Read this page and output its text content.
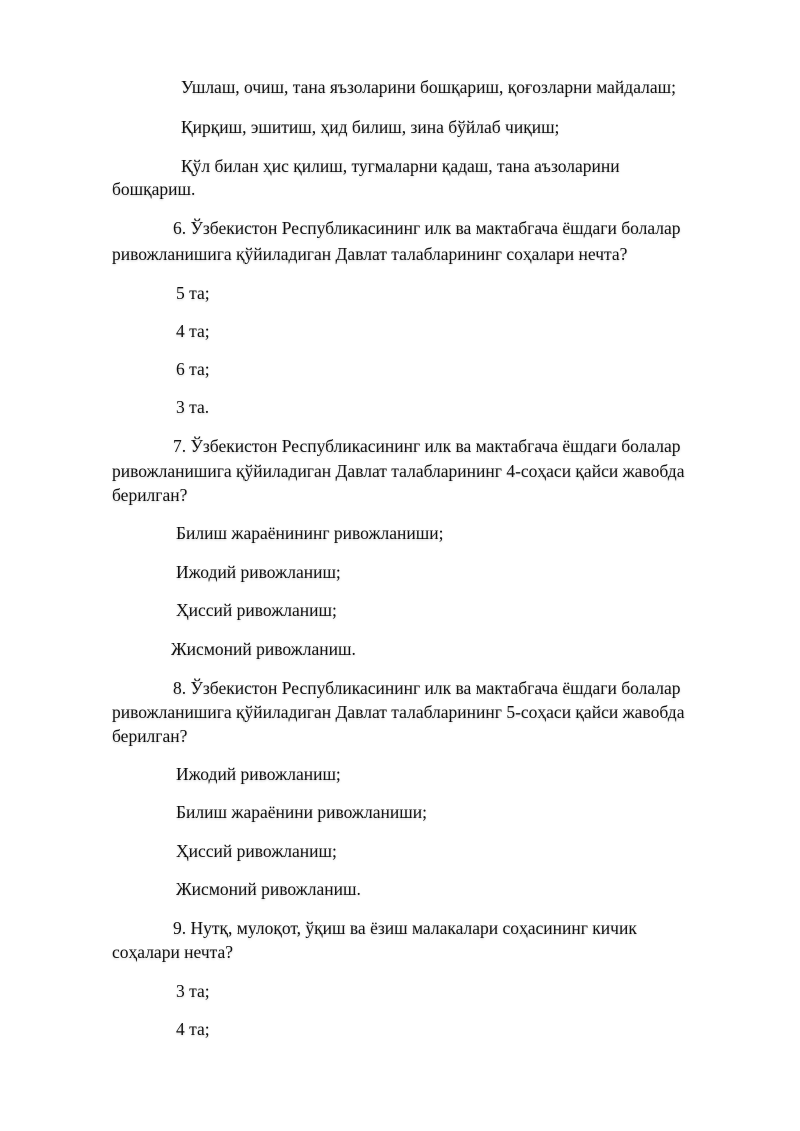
Ушлаш, очиш, тана яъзоларини бошқариш, қоғозларни майдалаш;
Қирқиш, эшитиш, ҳид билиш, зина бўйлаб чиқиш;
Қўл билан ҳис қилиш, тугмаларни қадаш, тана аъзоларини
бошқариш.
6. Ўзбекистон Республикасининг илк ва мактабгача ёшдаги болалар
ривожланишига қўйиладиган Давлат талабларининг соҳалари нечта?
5 та;
4 та;
6 та;
3 та.
7. Ўзбекистон Республикасининг илк ва мактабгача ёшдаги болалар
ривожланишига қўйиладиган Давлат талабларининг 4-соҳаси қайси жавобда
берилган?
Билиш жараёнининг ривожланиши;
Ижодий ривожланиш;
Ҳиссий ривожланиш;
Жисмоний ривожланиш.
8. Ўзбекистон Республикасининг илк ва мактабгача ёшдаги болалар
ривожланишига қўйиладиган Давлат талабларининг 5-соҳаси қайси жавобда
берилган?
Ижодий ривожланиш;
Билиш жараёнини ривожланиши;
Ҳиссий ривожланиш;
Жисмоний ривожланиш.
9. Нутқ, мулоқот, ўқиш ва ёзиш малакалари соҳасининг кичик
соҳалари нечта?
3 та;
4 та;
